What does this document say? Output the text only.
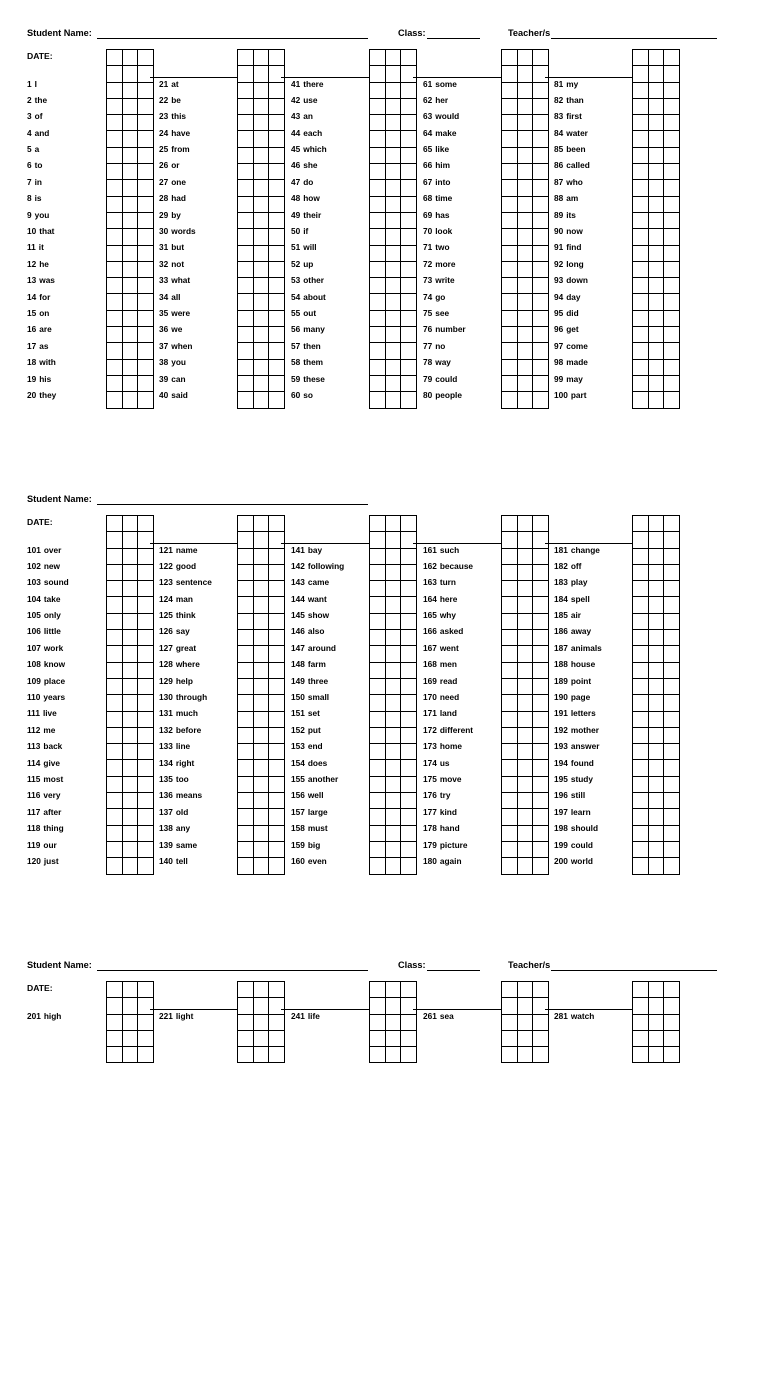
Student Name:	Class:	Teacher/s
DATE:

1 I
2 the
3 of
4 and
5 a
6 to
7 in
8 is
9 you
10 that
11 it
12 he
13 was
14 for
15 on
16 are
17 as
18 with
19 his
20 they
21 at
22 be
23 this
24 have
25 from
26 or
27 one
28 had
29 by
30 words
31 but
32 not
33 what
34 all
35 were
36 we
37 when
38 you
39 can
40 said
41 there
42 use
43 an
44 each
45 which
46 she
47 do
48 how
49 their
50 if
51 will
52 up
53 other
54 about
55 out
56 many
57 then
58 them
59 these
60 so
61 some
62 her
63 would
64 make
65 like
66 him
67 into
68 time
69 has
70 look
71 two
72 more
73 write
74 go
75 see
76 number
77 no
78 way
79 could
80 people
81 my
82 than
83 first
84 water
85 been
86 called
87 who
88 am
89 its
90 now
91 find
92 long
93 down
94 day
95 did
96 get
97 come
98 made
99 may
100 part
Student Name:
DATE:

101 over
102 new
103 sound
104 take
105 only
106 little
107 work
108 know
109 place
110 years
111 live
112 me
113 back
114 give
115 most
116 very
117 after
118 thing
119 our
120 just
121 name
122 good
123 sentence
124 man
125 think
126 say
127 great
128 where
129 help
130 through
131 much
132 before
133 line
134 right
135 too
136 means
137 old
138 any
139 same
140 tell
141 bay
142 following
143 came
144 want
145 show
146 also
147 around
148 farm
149 three
150 small
151 set
152 put
153 end
154 does
155 another
156 well
157 large
158 must
159 big
160 even
161 such
162 because
163 turn
164 here
165 why
166 asked
167 went
168 men
169 read
170 need
171 land
172 different
173 home
174 us
175 move
176 try
177 kind
178 hand
179 picture
180 again
181 change
182 off
183 play
184 spell
185 air
186 away
187 animals
188 house
189 point
190 page
191 letters
192 mother
193 answer
194 found
195 study
196 still
197 learn
198 should
199 could
200 world
Student Name:	Class:	Teacher/s
DATE:

201 high	221 light	241 life	261 sea	281 watch
